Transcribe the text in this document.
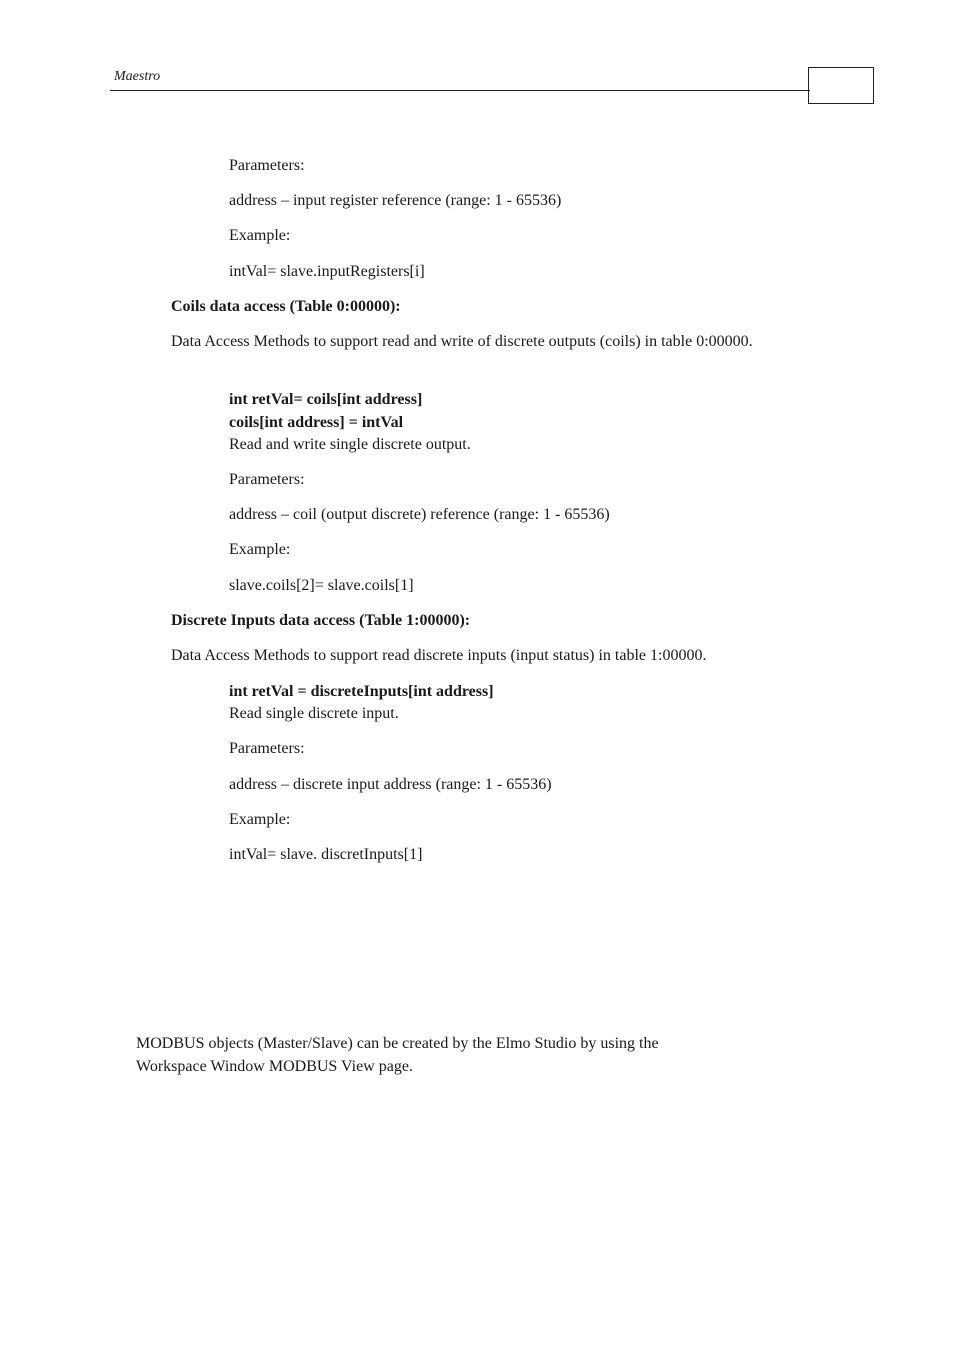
Maestro
Parameters:
address – input register reference (range: 1 - 65536)
Example:
intVal= slave.inputRegisters[i]
Coils data access (Table 0:00000):
Data Access Methods to support read and write of discrete outputs (coils) in table 0:00000.
int retVal= coils[int address]
coils[int address] = intVal
Read and write single discrete output.
Parameters:
address – coil (output discrete) reference (range: 1 - 65536)
Example:
slave.coils[2]= slave.coils[1]
Discrete Inputs data access (Table 1:00000):
Data Access Methods to support read discrete inputs (input status) in table 1:00000.
int retVal = discreteInputs[int address]
Read single discrete input.
Parameters:
address – discrete input address (range: 1 - 65536)
Example:
intVal= slave. discretInputs[1]
MODBUS objects (Master/Slave) can be created by the Elmo Studio by using the
Workspace Window MODBUS View page.
